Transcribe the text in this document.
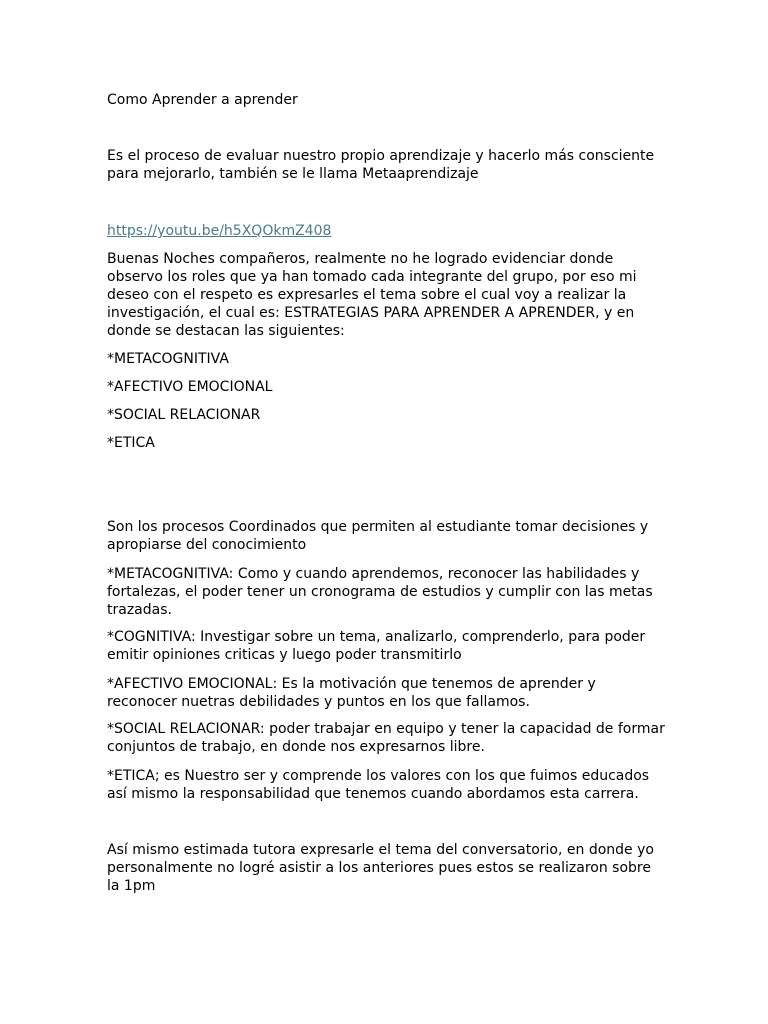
Como Aprender a aprender

Es el proceso de evaluar nuestro propio aprendizaje y hacerlo más consciente para mejorarlo, también se le llama Metaaprendizaje

https://youtu.be/h5XQOkmZ408

Buenas Noches compañeros, realmente no he logrado evidenciar donde observo los roles que ya han tomado cada integrante del grupo, por eso mi deseo con el respeto es expresarles el tema sobre el cual voy a realizar la investigación, el cual es: ESTRATEGIAS PARA APRENDER A APRENDER, y en donde se destacan las siguientes:

*METACOGNITIVA

*AFECTIVO EMOCIONAL

*SOCIAL RELACIONAR

*ETICA

Son los procesos Coordinados que permiten al estudiante tomar decisiones y apropiarse del conocimiento

*METACOGNITIVA: Como y cuando aprendemos, reconocer las habilidades y fortalezas, el poder tener un cronograma de estudios y cumplir con las metas trazadas.

*COGNITIVA: Investigar sobre un tema, analizarlo, comprenderlo, para poder emitir opiniones criticas y luego poder transmitirlo

*AFECTIVO EMOCIONAL: Es la motivación que tenemos de aprender y reconocer nuetras debilidades y puntos en los que fallamos.

*SOCIAL RELACIONAR: poder trabajar en equipo y tener la capacidad de formar conjuntos de trabajo, en donde nos expresarnos libre.

*ETICA; es Nuestro ser y comprende los valores con los que fuimos educados así mismo la responsabilidad que tenemos cuando abordamos esta carrera.

Así mismo estimada tutora expresarle el tema del conversatorio, en donde yo personalmente no logré asistir a los anteriores pues estos se realizaron sobre la 1pm
